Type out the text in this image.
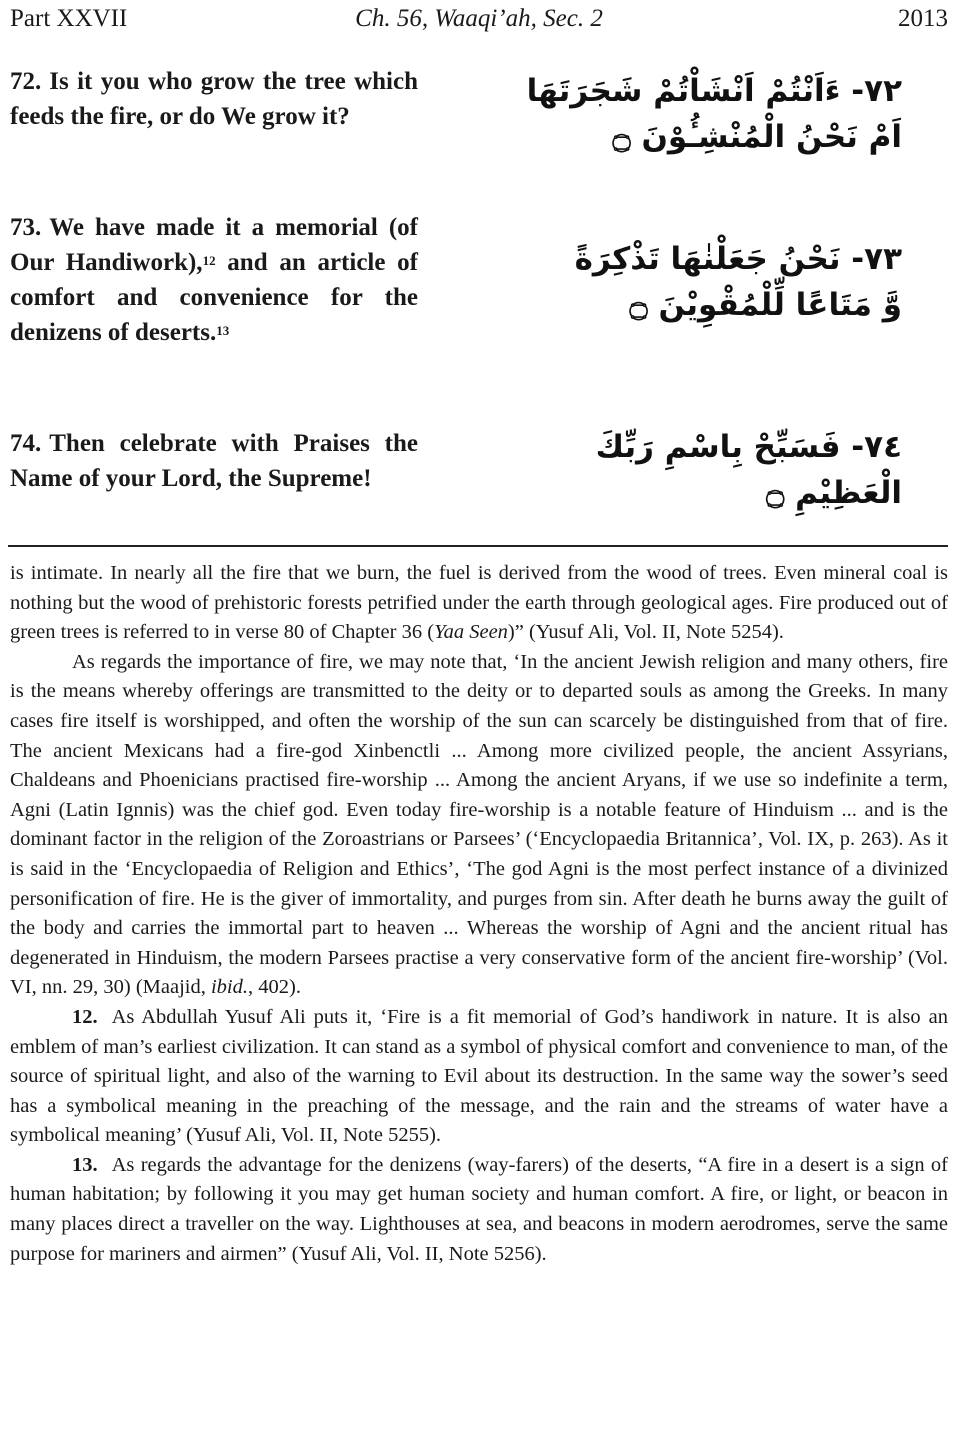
Part XXVII	Ch. 56, Waaqi’ah, Sec. 2	2013
72. Is it you who grow the tree which feeds the fire, or do We grow it?
٧٢- ءَاَنْتُمْ اَنْشَاْتُمْ شَجَرَتَهَا
اَمْ نَحْنُ الْمُنْشِـُٔوْنَ ۝
73. We have made it a memorial (of Our Handiwork),$^{12}$ and an article of comfort and convenience for the denizens of deserts.$^{13}$
٧٣- نَحْنُ جَعَلْنٰهَا تَذْكِرَةً
وَّ مَتَاعًا لِّلْمُقْوِيْنَ ۝
74. Then celebrate with Praises the Name of your Lord, the Supreme!
٧٤- فَسَبِّحْ بِاسْمِ رَبِّكَ
الْعَظِيْمِ ۝

is intimate. In nearly all the fire that we burn, the fuel is derived from the wood of trees. Even mineral coal is nothing but the wood of prehistoric forests petrified under the earth through geological ages. Fire produced out of green trees is referred to in verse 80 of Chapter 36 (Yaa Seen)” (Yusuf Ali, Vol. II, Note 5254).

As regards the importance of fire, we may note that, ‘In the ancient Jewish religion and many others, fire is the means whereby offerings are transmitted to the deity or to departed souls as among the Greeks. In many cases fire itself is worshipped, and often the worship of the sun can scarcely be distinguished from that of fire. The ancient Mexicans had a fire-god Xinbenctli ... Among more civilized people, the ancient Assyrians, Chaldeans and Phoenicians practised fire-worship ... Among the ancient Aryans, if we use so indefinite a term, Agni (Latin Ignnis) was the chief god. Even today fire-worship is a notable feature of Hinduism ... and is the dominant factor in the religion of the Zoroastrians or Parsees’ (‘Encyclopaedia Britannica’, Vol. IX, p. 263). As it is said in the ‘Encyclopaedia of Religion and Ethics’, ‘The god Agni is the most perfect instance of a divinized personification of fire. He is the giver of immortality, and purges from sin. After death he burns away the guilt of the body and carries the immortal part to heaven ... Whereas the worship of Agni and the ancient ritual has degenerated in Hinduism, the modern Parsees practise a very conservative form of the ancient fire-worship’ (Vol. VI, nn. 29, 30) (Maajid, ibid., 402).

12. As Abdullah Yusuf Ali puts it, ‘Fire is a fit memorial of God’s handiwork in nature. It is also an emblem of man’s earliest civilization. It can stand as a symbol of physical comfort and convenience to man, of the source of spiritual light, and also of the warning to Evil about its destruction. In the same way the sower’s seed has a symbolical meaning in the preaching of the message, and the rain and the streams of water have a symbolical meaning’ (Yusuf Ali, Vol. II, Note 5255).

13. As regards the advantage for the denizens (way-farers) of the deserts, “A fire in a desert is a sign of human habitation; by following it you may get human society and human comfort. A fire, or light, or beacon in many places direct a traveller on the way. Lighthouses at sea, and beacons in modern aerodromes, serve the same purpose for mariners and airmen” (Yusuf Ali, Vol. II, Note 5256).
